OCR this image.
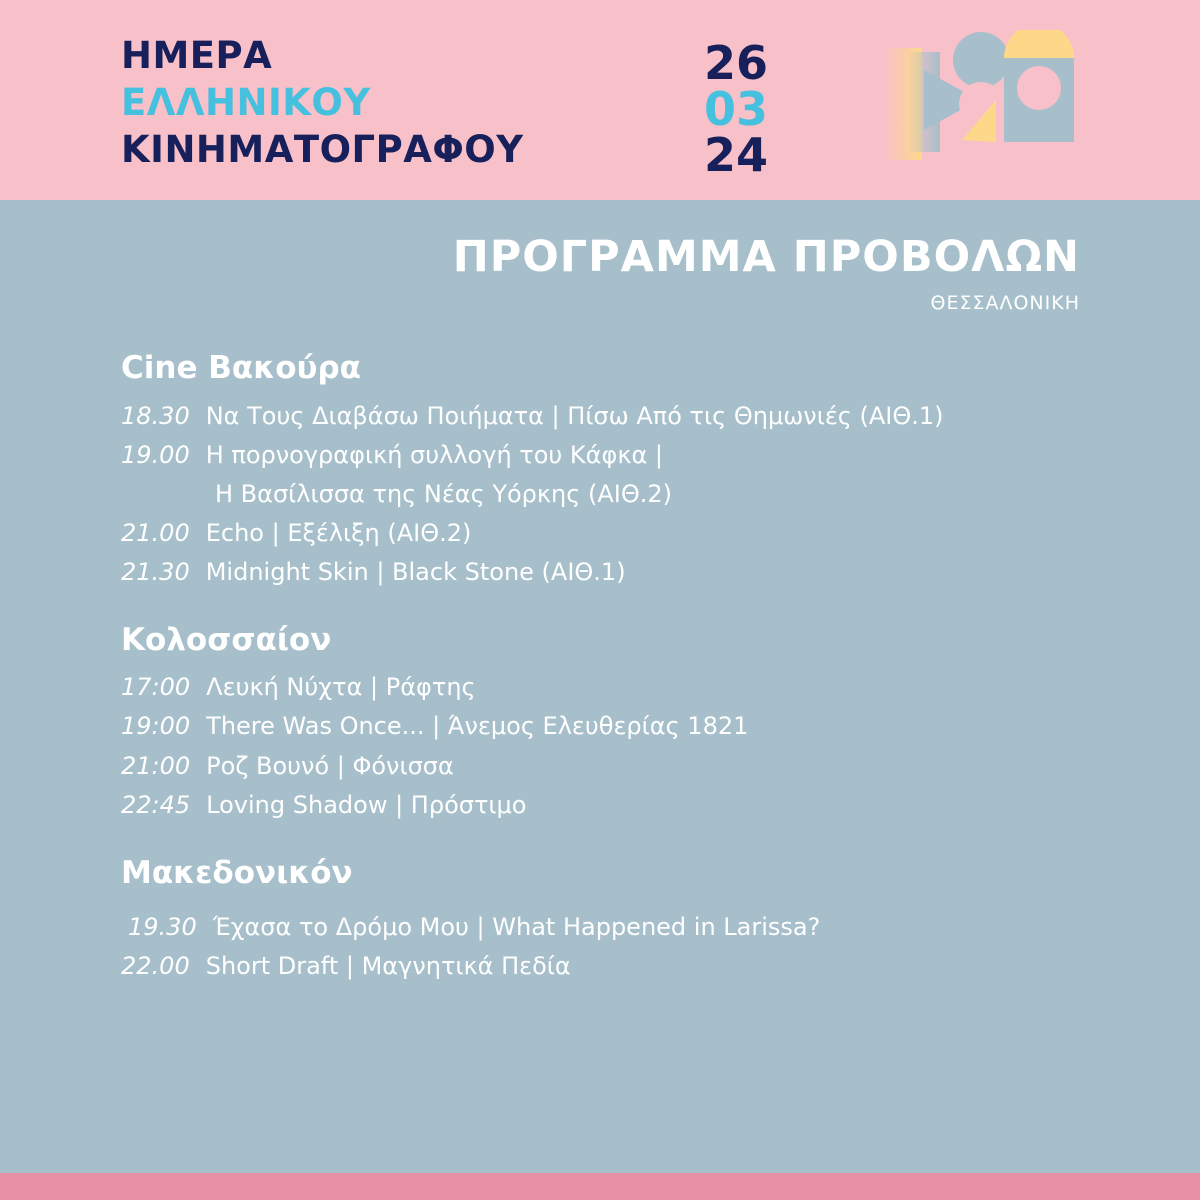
ΗΜΕΡΑ
ΕΛΛΗΝΙΚΟΥ
ΚΙΝΗΜΑΤΟΓΡΑΦΟΥ
26
03
24
ΠΡΟΓΡΑΜΜΑ ΠΡΟΒΟΛΩΝ
ΘΕΣΣΑΛΟΝΙΚΗ
Cine Βακούρα
18.30 Να Τους Διαβάσω Ποιήματα | Πίσω Από τις Θημωνιές (ΑΙΘ.1)
19.00 Η πορνογραφική συλλογή του Κάφκα |
Η Βασίλισσα της Νέας Υόρκης (ΑΙΘ.2)
21.00 Echo | Εξέλιξη (ΑΙΘ.2)
21.30 Midnight Skin | Black Stone (ΑΙΘ.1)
Κολοσσαίον
17:00 Λευκή Νύχτα | Ράφτης
19:00 There Was Once... | Άνεμος Ελευθερίας 1821
21:00 Ροζ Βουνό | Φόνισσα
22:45 Loving Shadow | Πρόστιμο
Μακεδονικόν
19.30 Έχασα το Δρόμο Μου | What Happened in Larissa?
22.00 Short Draft | Μαγνητικά Πεδία
